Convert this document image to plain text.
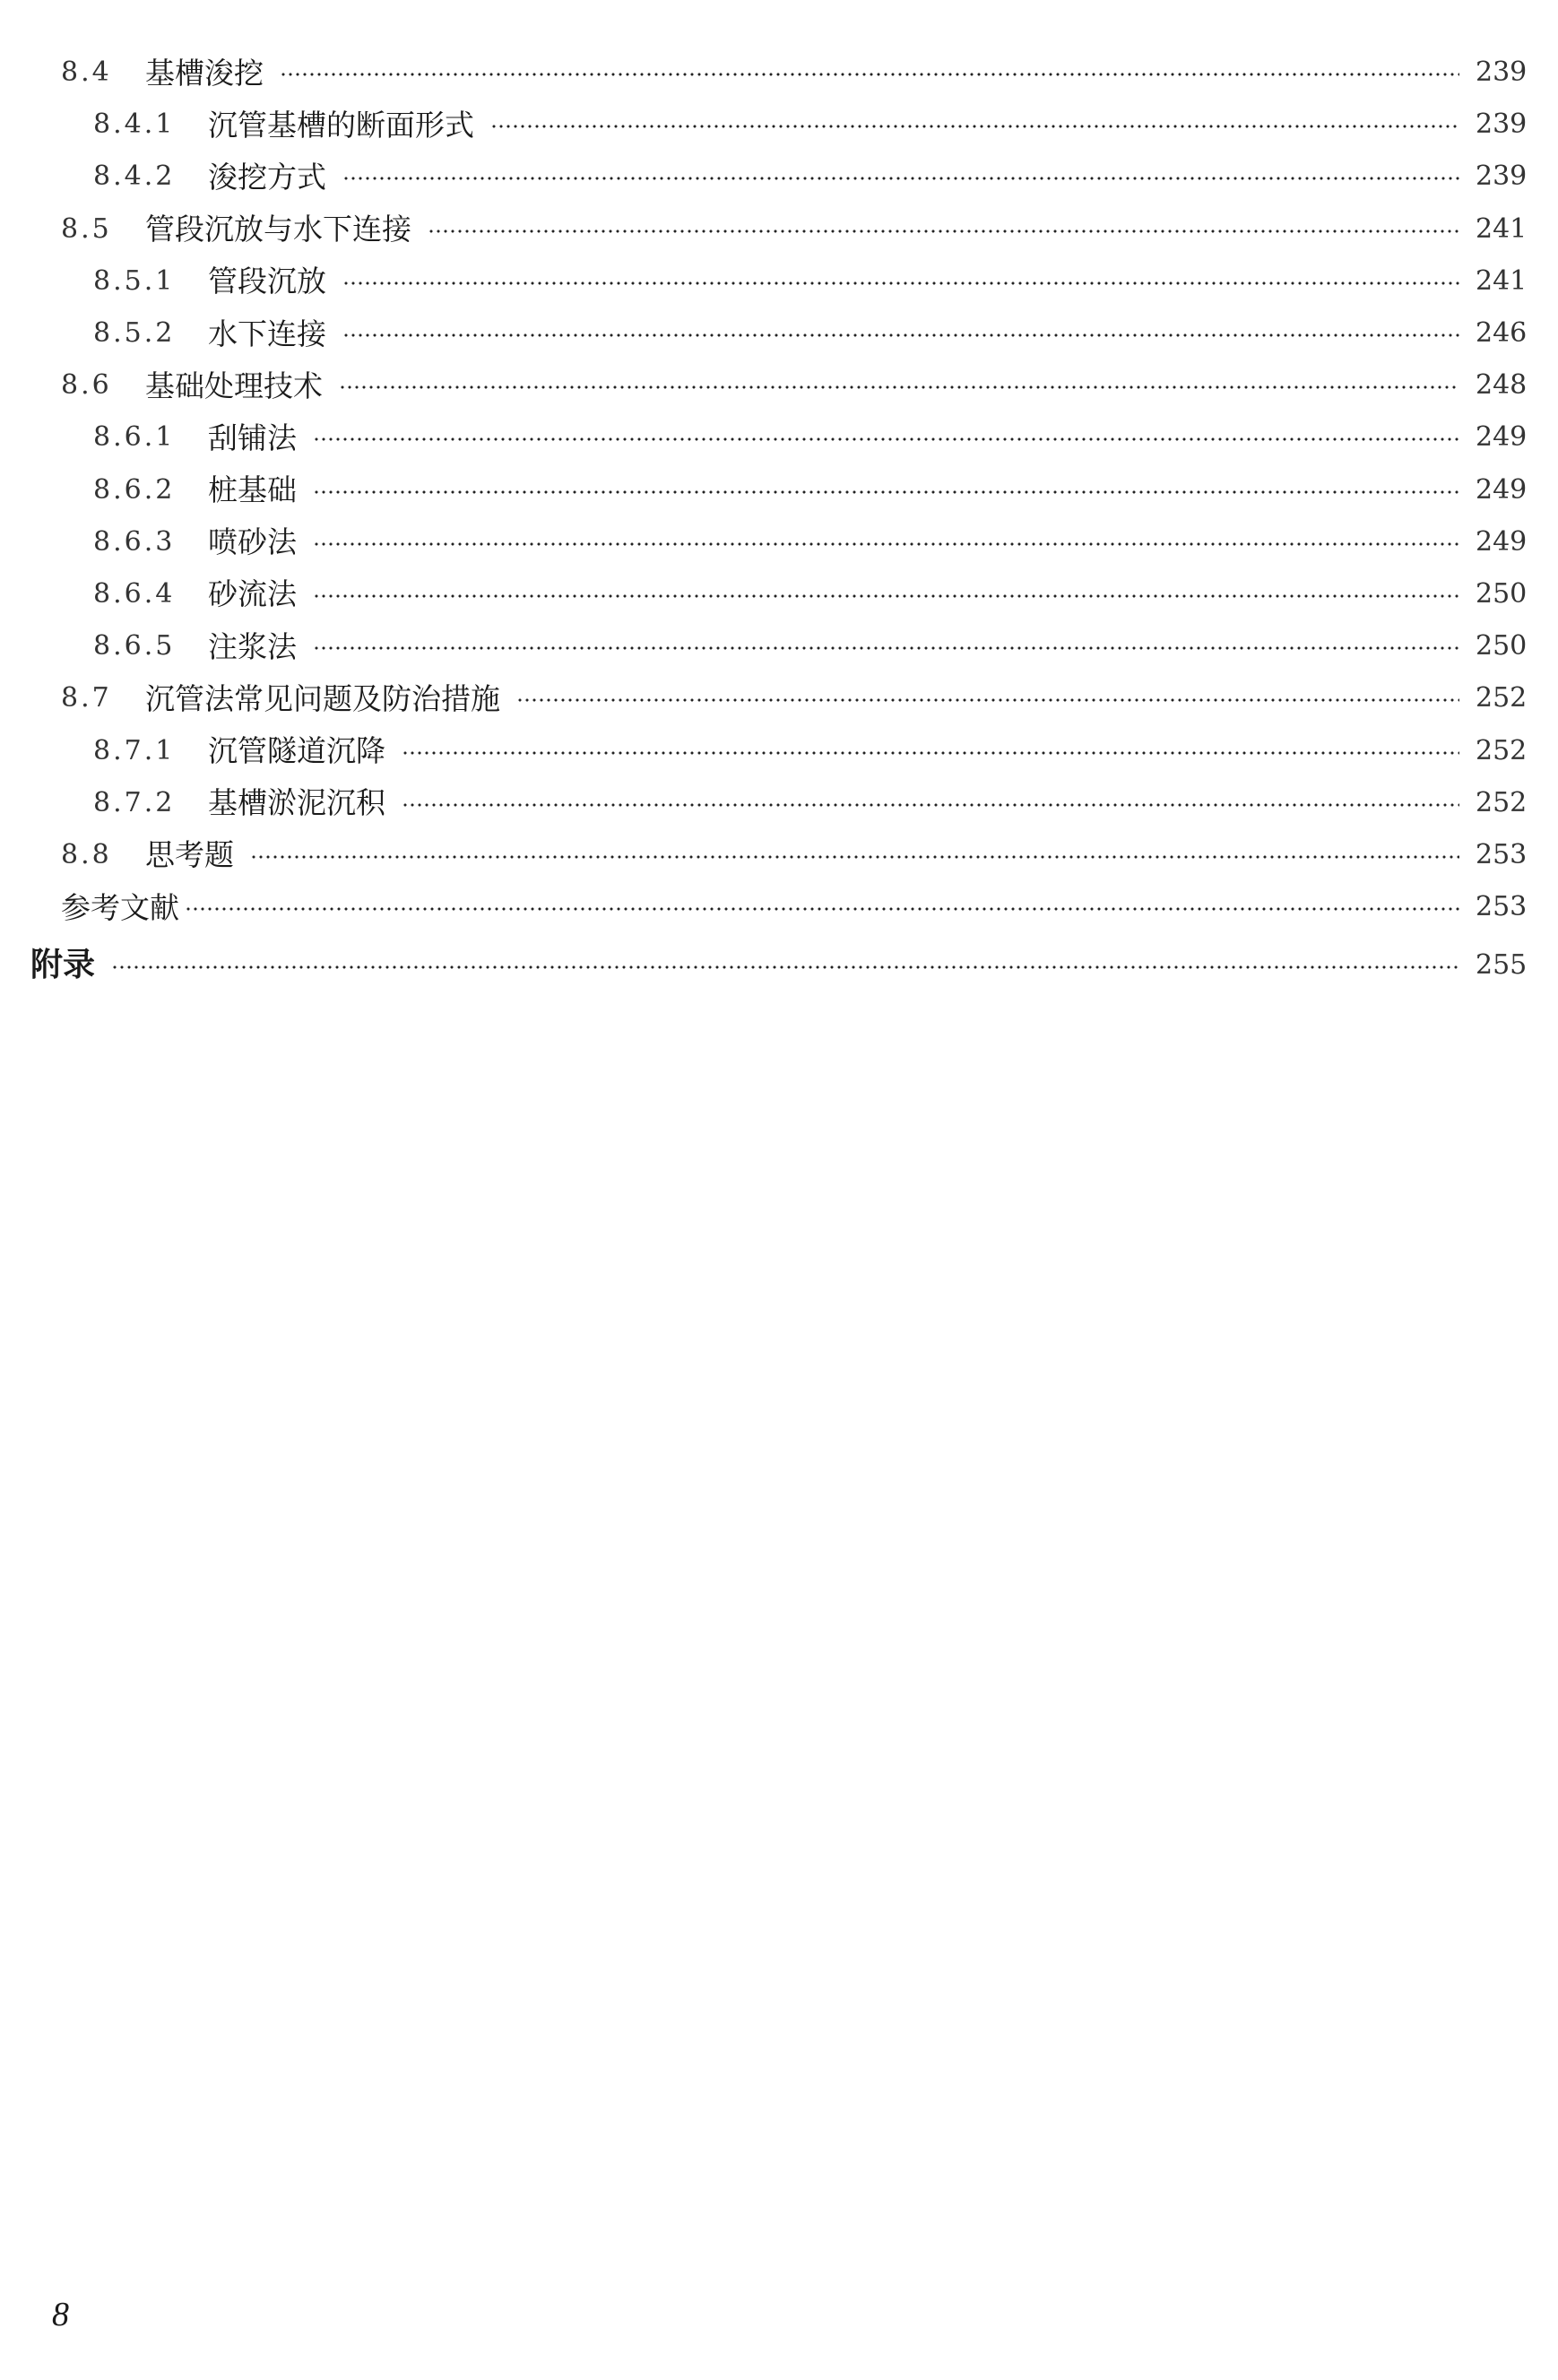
8.4	基槽浚挖	239
8.4.1	沉管基槽的断面形式	239
8.4.2	浚挖方式	239
8.5	管段沉放与水下连接	241
8.5.1	管段沉放	241
8.5.2	水下连接	246
8.6	基础处理技术	248
8.6.1	刮铺法	249
8.6.2	桩基础	249
8.6.3	喷砂法	249
8.6.4	砂流法	250
8.6.5	注浆法	250
8.7	沉管法常见问题及防治措施	252
8.7.1	沉管隧道沉降	252
8.7.2	基槽淤泥沉积	252
8.8	思考题	253
参考文献	253
附录	255
8
